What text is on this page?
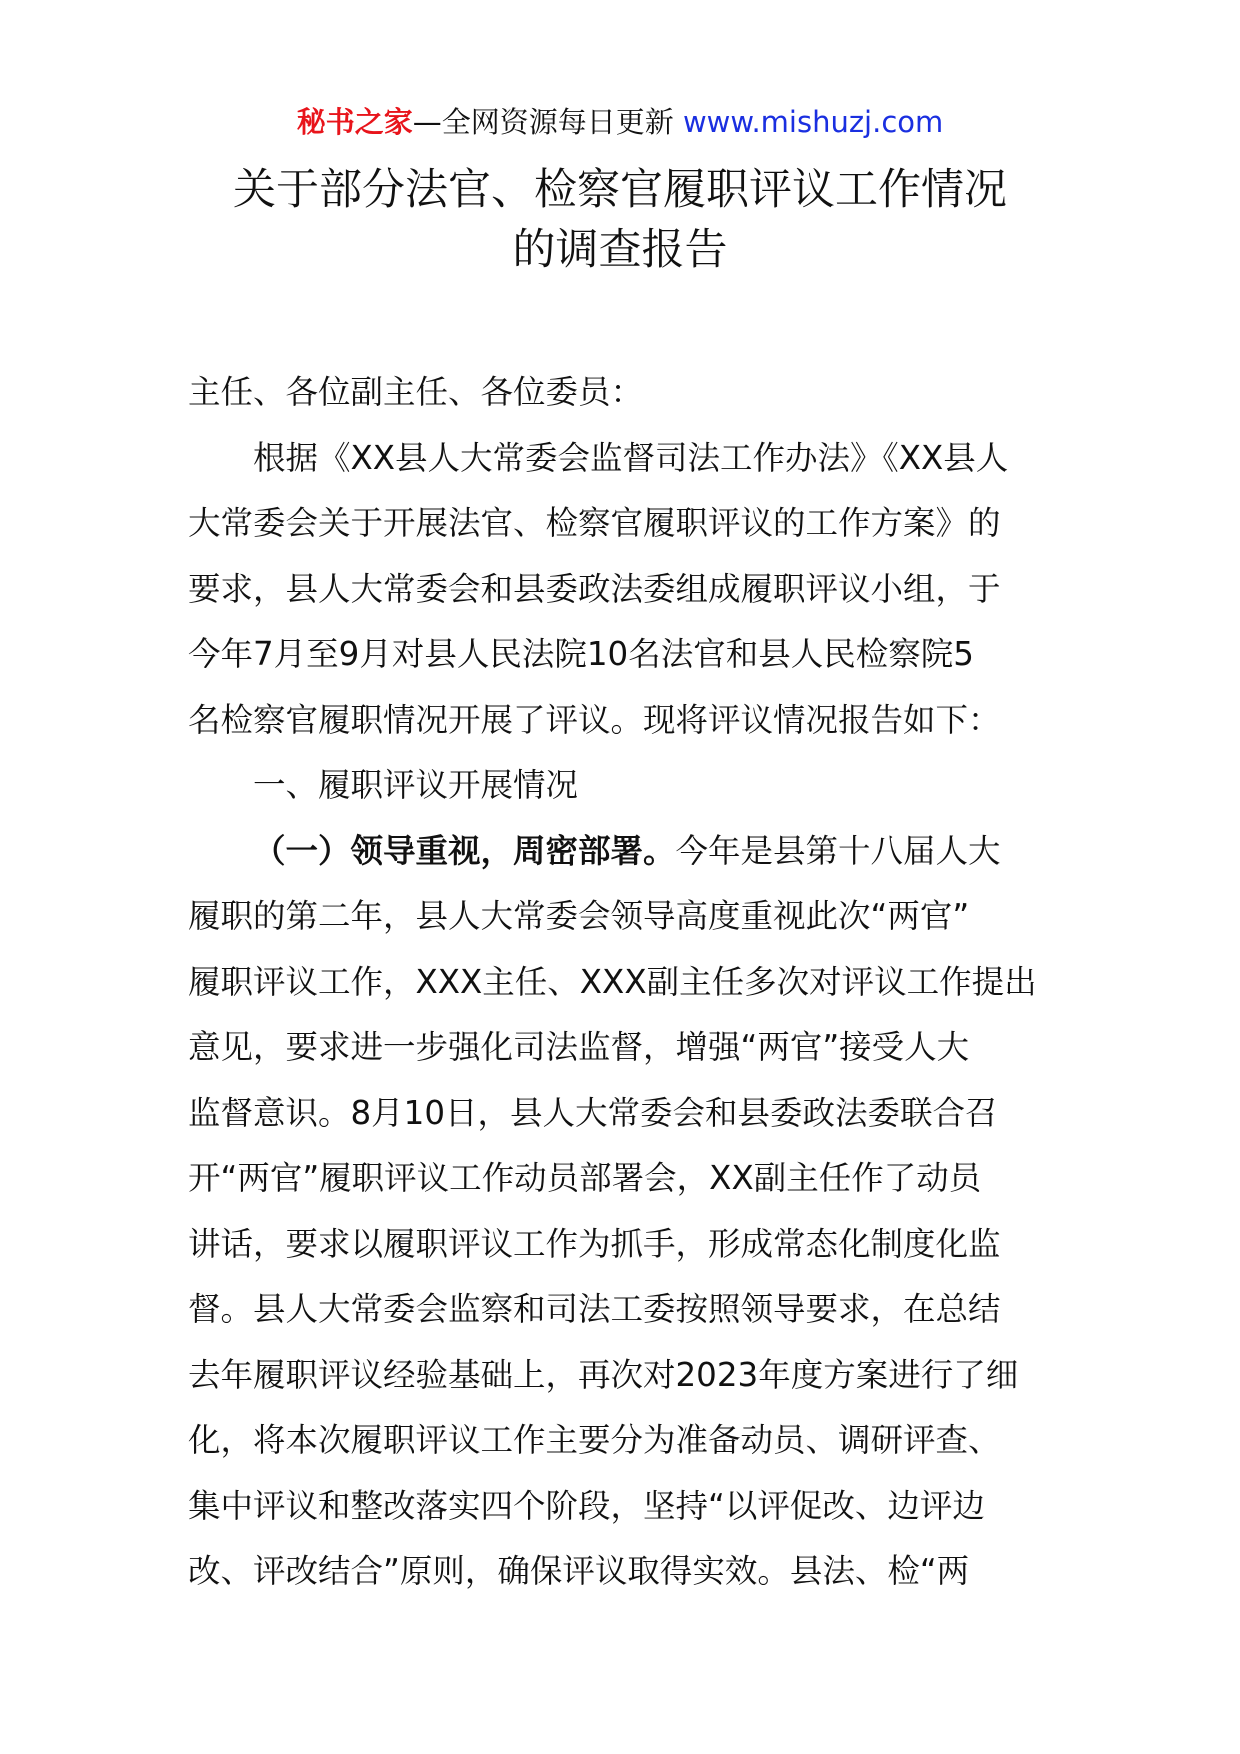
秘书之家—全网资源每日更新 www.mishuzj.com
关于部分法官、检察官履职评议工作情况
的调查报告

主任、各位副主任、各位委员：

根据《XX县人大常委会监督司法工作办法》《XX县人

大常委会关于开展法官、检察官履职评议的工作方案》的

要求，县人大常委会和县委政法委组成履职评议小组，于

今年7月至9月对县人民法院10名法官和县人民检察院5

名检察官履职情况开展了评议。现将评议情况报告如下：

一、履职评议开展情况

（一）领导重视，周密部署。今年是县第十八届人大

履职的第二年，县人大常委会领导高度重视此次“两官”

履职评议工作，XXX主任、XXX副主任多次对评议工作提出

意见，要求进一步强化司法监督，增强“两官”接受人大

监督意识。8月10日，县人大常委会和县委政法委联合召

开“两官”履职评议工作动员部署会，XX副主任作了动员

讲话，要求以履职评议工作为抓手，形成常态化制度化监

督。县人大常委会监察和司法工委按照领导要求，在总结

去年履职评议经验基础上，再次对2023年度方案进行了细

化，将本次履职评议工作主要分为准备动员、调研评查、

集中评议和整改落实四个阶段，坚持“以评促改、边评边

改、评改结合”原则，确保评议取得实效。县法、检“两
